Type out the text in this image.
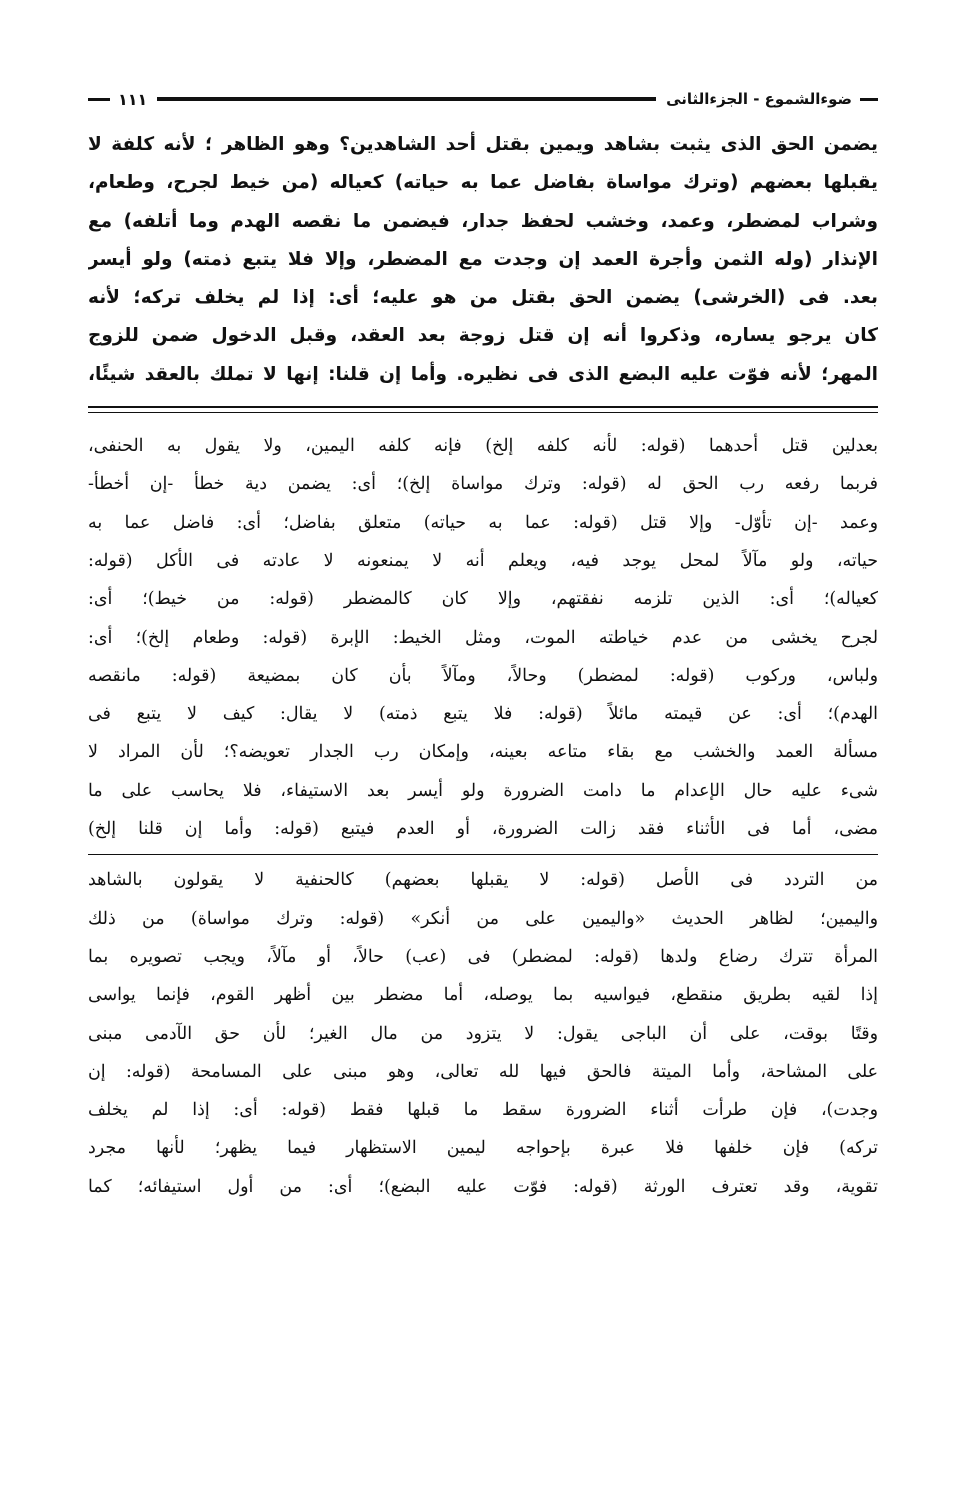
ضوءالشموع - الجزءالثانى
١١١
يضمن الحق الذى يثبت بشاهد ويمين بقتل أحد الشاهدين؟ وهو الظاهر ؛ لأنه كلفة لا
يقبلها بعضهم (وترك مواساة بفاضل عما به حياته) كعياله (من خيط لجرح، وطعام،
وشراب لمضطر، وعمد، وخشب لحفظ جدار، فيضمن ما نقصه الهدم وما أتلفه) مع
الإنذار (وله الثمن وأجرة العمد إن وجدت مع المضطر، وإلا فلا يتبع ذمته) ولو أيسر
بعد. فى (الخرشى) يضمن الحق بقتل من هو عليه؛ أى: إذا لم يخلف تركه؛ لأنه
كان يرجو يساره، وذكروا أنه إن قتل زوجة بعد العقد، وقبل الدخول ضمن للزوج
المهر؛ لأنه فوّت عليه البضع الذى فى نظيره. وأما إن قلنا: إنها لا تملك بالعقد شيئًا،
بعدلين قتل أحدهما (قوله: لأنه كلفه إلخ) فإنه كلفه اليمين، ولا يقول به الحنفى،
فربما رفعه رب الحق له (قوله: وترك مواساة إلخ)؛ أى: يضمن دية خطأ -إن أخطأ-
وعمد -إن تأوّل- وإلا قتل (قوله: عما به حياته) متعلق بفاضل؛ أى: فاضل عما به
حياته، ولو مآلاً لمحل يوجد فيه، ويعلم أنه لا يمنعونه لا عادته فى الأكل (قوله:
كعياله)؛ أى: الذين تلزمه نفقتهم، وإلا كان كالمضطر (قوله: من خيط)؛ أى:
لجرح يخشى من عدم خياطته الموت، ومثل الخيط: الإبرة (قوله: وطعام إلخ)؛ أى:
ولباس، وركوب (قوله: لمضطر) وحالاً، ومآلاً بأن كان بمضيعة (قوله: مانقصه
الهدم)؛ أى: عن قيمته مائلاً (قوله: فلا يتبع ذمته) لا يقال: كيف لا يتبع فى
مسألة العمد والخشب مع بقاء متاعه بعينه، وإمكان رب الجدار تعويضه؟؛ لأن المراد لا
شىء عليه حال الإعدام ما دامت الضرورة ولو أيسر بعد الاستيفاء، فلا يحاسب على ما
مضى، أما فى الأثناء فقد زالت الضرورة، أو العدم فيتبع (قوله: وأما إن قلنا إلخ)
من التردد فى الأصل (قوله: لا يقبلها بعضهم) كالحنفية لا يقولون بالشاهد
واليمين؛ لظاهر الحديث «واليمين على من أنكر» (قوله: وترك مواساة) من ذلك
المرأة تترك رضاع ولدها (قوله: لمضطر) فى (عب) حالاً، أو مآلاً، ويجب تصويره بما
إذا لقيه بطريق منقطع، فيواسيه بما يوصله، أما مضطر بين أظهر القوم، فإنما يواسى
وقتًا بوقت، على أن الباجى يقول: لا يتزود من مال الغير؛ لأن حق الآدمى مبنى
على المشاحة، وأما الميتة فالحق فيها لله تعالى، وهو مبنى على المسامحة (قوله: إن
وجدت)، فإن طرأت أثناء الضرورة سقط ما قبلها فقط (قوله: أى: إذا لم يخلف
تركه) فإن خلفها فلا عبرة بإحواجه ليمين الاستظهار فيما يظهر؛ لأنها مجرد
تقوية، وقد تعترف الورثة (قوله: فوّت عليه البضع)؛ أى: من أول استيفائه؛ كما
